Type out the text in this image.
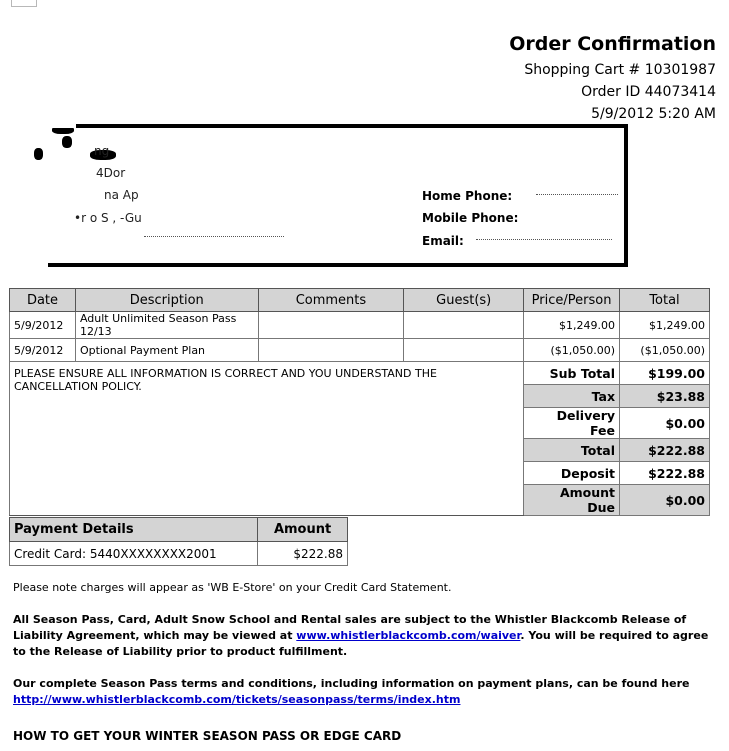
Order Confirmation
Shopping Cart # 10301987
Order ID 44073414
5/9/2012 5:20 AM
ng
4Dor
na Ap
•r ο S , -Gu
Home Phone:
Mobile Phone:
Email:
Date	Description	Comments	Guest(s)	Price/Person	Total
5/9/2012	Adult Unlimited Season Pass 12/13			$1,249.00	$1,249.00
5/9/2012	Optional Payment Plan			($1,050.00)	($1,050.00)
PLEASE ENSURE ALL INFORMATION IS CORRECT AND YOU UNDERSTAND THE CANCELLATION POLICY.				Sub Total	$199.00
				Tax	$23.88
				Delivery Fee	$0.00
				Total	$222.88
				Deposit	$222.88
				Amount Due	$0.00
Payment Details	Amount
Credit Card: 5440XXXXXXXX2001	$222.88
Please note charges will appear as 'WB E-Store' on your Credit Card Statement.
All Season Pass, Card, Adult Snow School and Rental sales are subject to the Whistler Blackcomb Release of Liability Agreement, which may be viewed at www.whistlerblackcomb.com/waiver. You will be required to agree to the Release of Liability prior to product fulfillment.
Our complete Season Pass terms and conditions, including information on payment plans, can be found here
http://www.whistlerblackcomb.com/tickets/seasonpass/terms/index.htm
HOW TO GET YOUR WINTER SEASON PASS OR EDGE CARD
